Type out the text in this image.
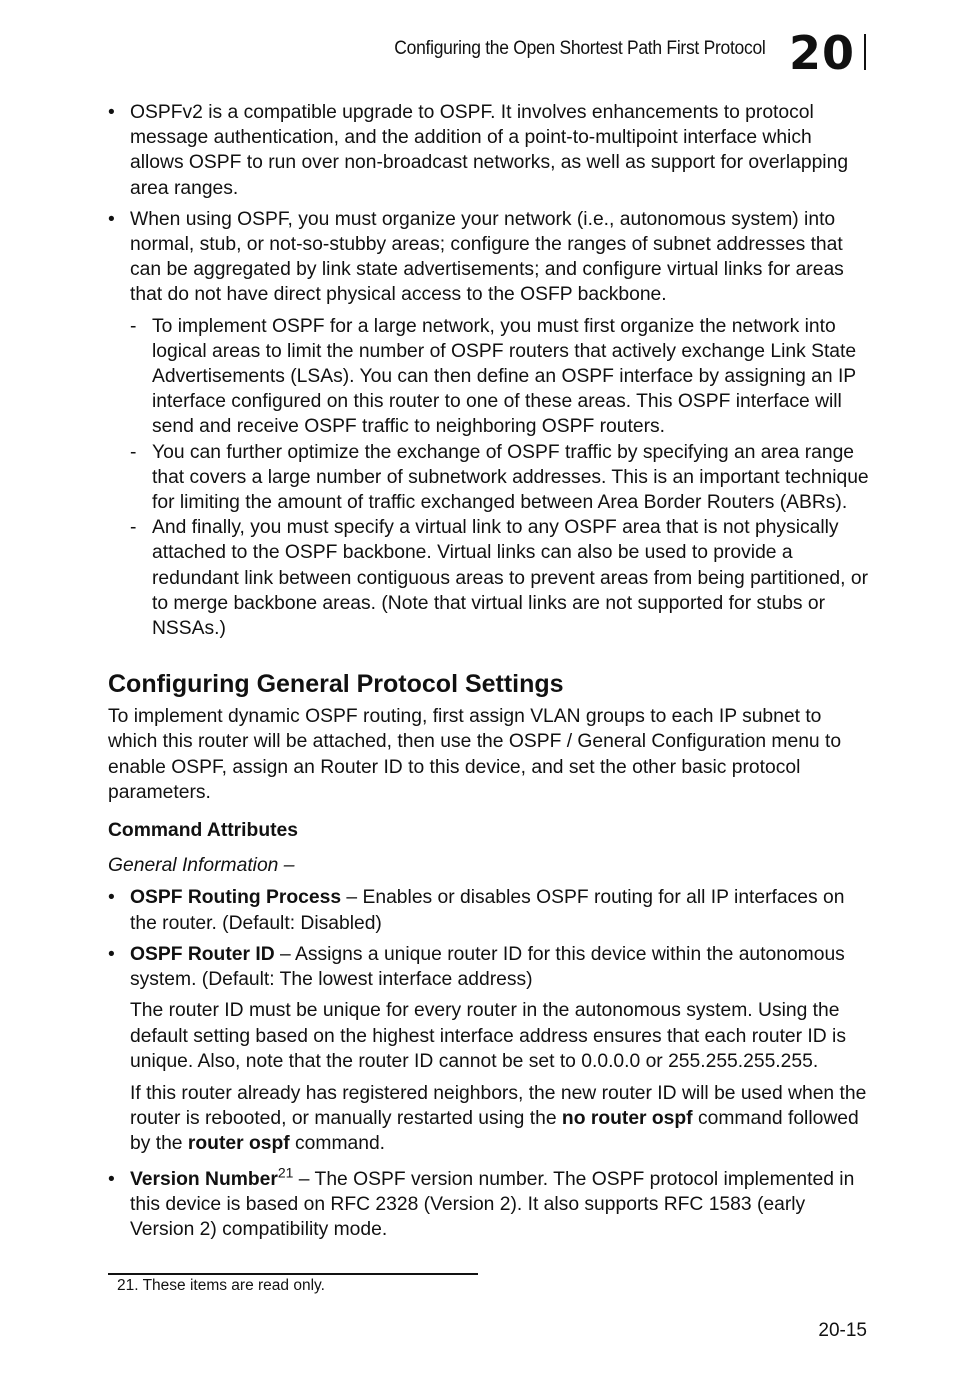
Configuring the Open Shortest Path First Protocol 20
• OSPFv2 is a compatible upgrade to OSPF. It involves enhancements to protocol message authentication, and the addition of a point-to-multipoint interface which allows OSPF to run over non-broadcast networks, as well as support for overlapping area ranges.

• When using OSPF, you must organize your network (i.e., autonomous system) into normal, stub, or not-so-stubby areas; configure the ranges of subnet addresses that can be aggregated by link state advertisements; and configure virtual links for areas that do not have direct physical access to the OSFP backbone.

- To implement OSPF for a large network, you must first organize the network into logical areas to limit the number of OSPF routers that actively exchange Link State Advertisements (LSAs). You can then define an OSPF interface by assigning an IP interface configured on this router to one of these areas. This OSPF interface will send and receive OSPF traffic to neighboring OSPF routers.

- You can further optimize the exchange of OSPF traffic by specifying an area range that covers a large number of subnetwork addresses. This is an important technique for limiting the amount of traffic exchanged between Area Border Routers (ABRs).

- And finally, you must specify a virtual link to any OSPF area that is not physically attached to the OSPF backbone. Virtual links can also be used to provide a redundant link between contiguous areas to prevent areas from being partitioned, or to merge backbone areas. (Note that virtual links are not supported for stubs or NSSAs.)

Configuring General Protocol Settings

To implement dynamic OSPF routing, first assign VLAN groups to each IP subnet to which this router will be attached, then use the OSPF / General Configuration menu to enable OSPF, assign an Router ID to this device, and set the other basic protocol parameters.

Command Attributes

General Information –

• OSPF Routing Process – Enables or disables OSPF routing for all IP interfaces on the router. (Default: Disabled)

• OSPF Router ID – Assigns a unique router ID for this device within the autonomous system. (Default: The lowest interface address)

The router ID must be unique for every router in the autonomous system. Using the default setting based on the highest interface address ensures that each router ID is unique. Also, note that the router ID cannot be set to 0.0.0.0 or 255.255.255.255.

If this router already has registered neighbors, the new router ID will be used when the router is rebooted, or manually restarted using the no router ospf command followed by the router ospf command.

• Version Number$^{21}$ – The OSPF version number. The OSPF protocol implemented in this device is based on RFC 2328 (Version 2). It also supports RFC 1583 (early Version 2) compatibility mode.

21. These items are read only.
20-15
